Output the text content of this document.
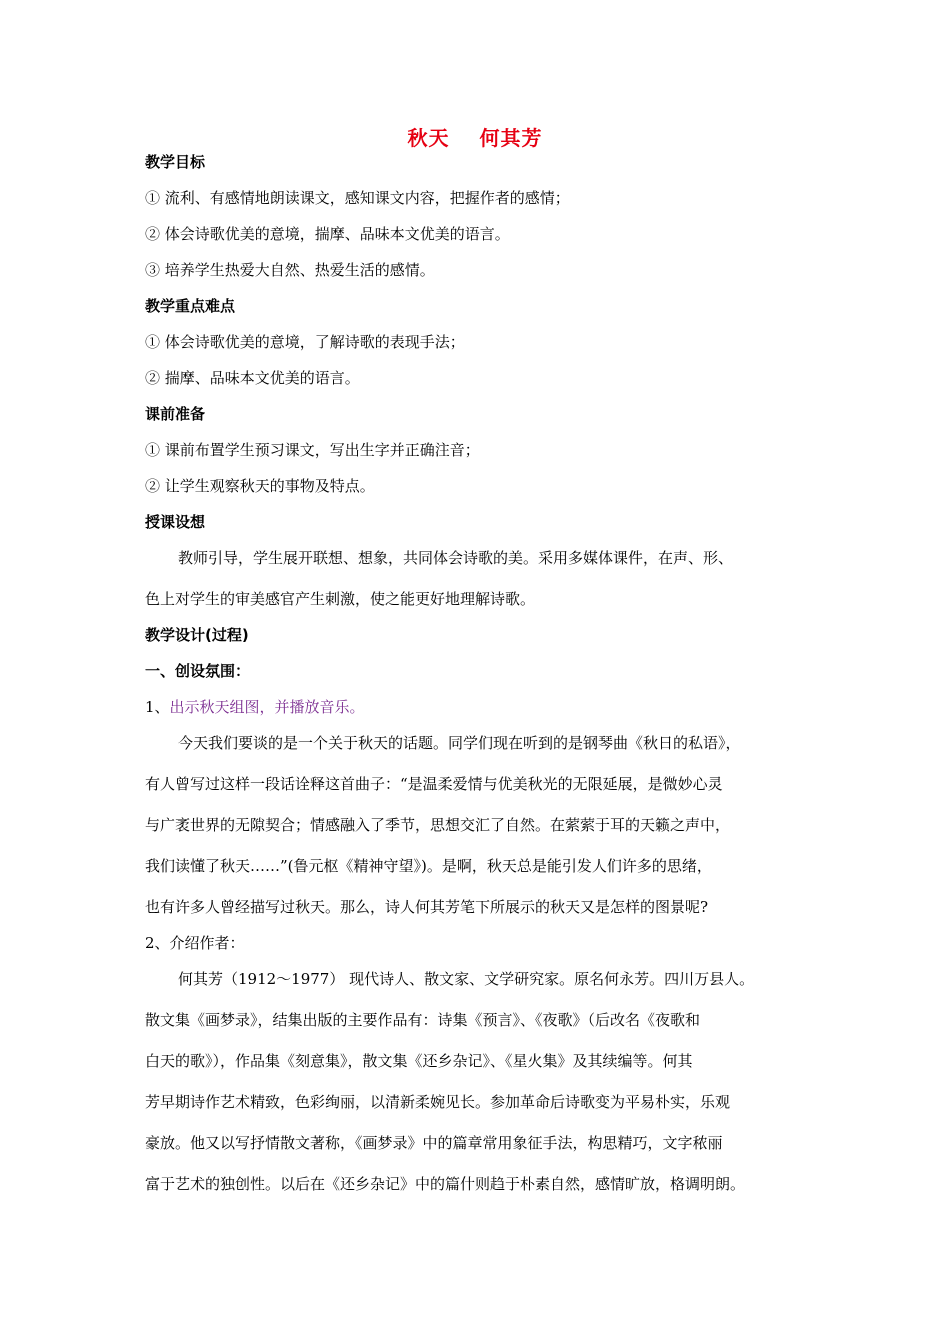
秋天 何其芳
教学目标
① 流利、有感情地朗读课文，感知课文内容，把握作者的感情；
② 体会诗歌优美的意境，揣摩、品味本文优美的语言。
③ 培养学生热爱大自然、热爱生活的感情。
教学重点难点
① 体会诗歌优美的意境，了解诗歌的表现手法；
② 揣摩、品味本文优美的语言。
课前准备
① 课前布置学生预习课文，写出生字并正确注音；
② 让学生观察秋天的事物及特点。
授课设想
教师引导，学生展开联想、想象，共同体会诗歌的美。采用多媒体课件，在声、形、
色上对学生的审美感官产生刺激，使之能更好地理解诗歌。
教学设计(过程)
一、创设氛围：
1、出示秋天组图，并播放音乐。
今天我们要谈的是一个关于秋天的话题。同学们现在听到的是钢琴曲《秋日的私语》，
有人曾写过这样一段话诠释这首曲子：“是温柔爱情与优美秋光的无限延展，是微妙心灵
与广袤世界的无隙契合；情感融入了季节，思想交汇了自然。在萦萦于耳的天籁之声中，
我们读懂了秋天……”(鲁元枢《精神守望》)。是啊，秋天总是能引发人们许多的思绪，
也有许多人曾经描写过秋天。那么，诗人何其芳笔下所展示的秋天又是怎样的图景呢?
2、介绍作者：
何其芳（1912～1977） 现代诗人、散文家、文学研究家。原名何永芳。四川万县人。
散文集《画梦录》，结集出版的主要作品有：诗集《预言》、《夜歌》（后改名《夜歌和
白天的歌》），作品集《刻意集》，散文集《还乡杂记》、《星火集》及其续编等。何其
芳早期诗作艺术精致，色彩绚丽，以清新柔婉见长。参加革命后诗歌变为平易朴实，乐观
豪放。他又以写抒情散文著称，《画梦录》中的篇章常用象征手法，构思精巧，文字秾丽
富于艺术的独创性。以后在《还乡杂记》中的篇什则趋于朴素自然，感情旷放，格调明朗。
